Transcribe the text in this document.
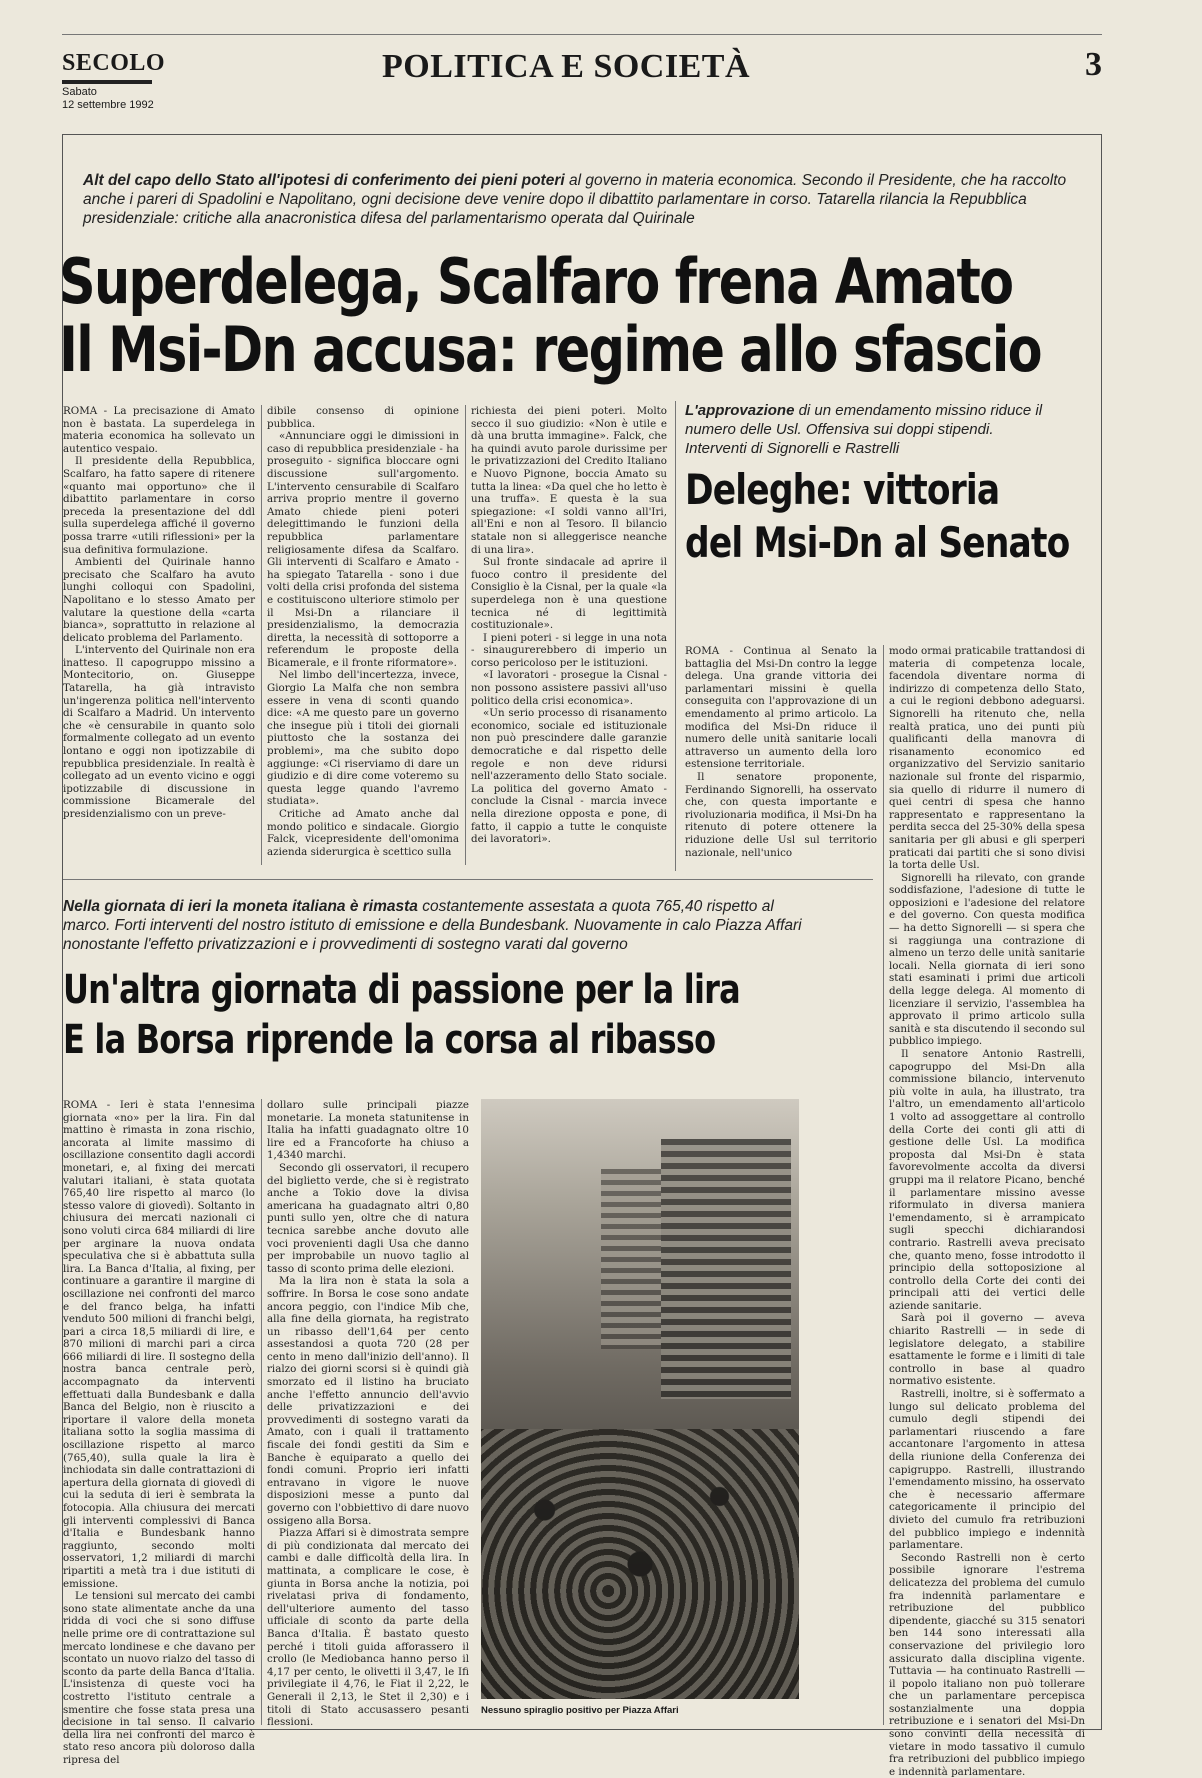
SECOLO
Sabato
12 settembre 1992
POLITICA E SOCIETÀ	3
Alt del capo dello Stato all'ipotesi di conferimento dei pieni poteri al governo in materia economica. Secondo il Presidente, che ha raccolto anche i pareri di Spadolini e Napolitano, ogni decisione deve venire dopo il dibattito parlamentare in corso. Tatarella rilancia la Repubblica presidenziale: critiche alla anacronistica difesa del parlamentarismo operata dal Quirinale
Superdelega, Scalfaro frena Amato
Il Msi-Dn accusa: regime allo sfascio

ROMA - La precisazione di Amato non è bastata. La superdelega in materia economica ha sollevato un autentico vespaio.

Il presidente della Repubblica, Scalfaro, ha fatto sapere di ritenere «quanto mai opportuno» che il dibattito parlamentare in corso preceda la presentazione del ddl sulla superdelega affiché il governo possa trarre «utili riflessioni» per la sua definitiva formulazione.

Ambienti del Quirinale hanno precisato che Scalfaro ha avuto lunghi colloqui con Spadolini, Napolitano e lo stesso Amato per valutare la questione della «carta bianca», soprattutto in relazione al delicato problema del Parlamento.

L'intervento del Quirinale non era inatteso. Il capogruppo missino a Montecitorio, on. Giuseppe Tatarella, ha già intravisto un'ingerenza politica nell'intervento di Scalfaro a Madrid. Un intervento che «è censurabile in quanto solo formalmente collegato ad un evento lontano e oggi non ipotizzabile di repubblica presidenziale. In realtà è collegato ad un evento vicino e oggi ipotizzabile di discussione in commissione Bicamerale del presidenzialismo con un preve-

dibile consenso di opinione pubblica.

«Annunciare oggi le dimissioni in caso di repubblica presidenziale - ha proseguito - significa bloccare ogni discussione sull'argomento. L'intervento censurabile di Scalfaro arriva proprio mentre il governo Amato chiede pieni poteri delegittimando le funzioni della repubblica parlamentare religiosamente difesa da Scalfaro. Gli interventi di Scalfaro e Amato - ha spiegato Tatarella - sono i due volti della crisi profonda del sistema e costituiscono ulteriore stimolo per il Msi-Dn a rilanciare il presidenzialismo, la democrazia diretta, la necessità di sottoporre a referendum le proposte della Bicamerale, e il fronte riformatore».

Nel limbo dell'incertezza, invece, Giorgio La Malfa che non sembra essere in vena di sconti quando dice: «A me questo pare un governo che insegue più i titoli dei giornali piuttosto che la sostanza dei problemi», ma che subito dopo aggiunge: «Ci riserviamo di dare un giudizio e di dire come voteremo su questa legge quando l'avremo studiata».

Critiche ad Amato anche dal mondo politico e sindacale. Giorgio Falck, vicepresidente dell'omonima azienda siderurgica è scettico sulla

richiesta dei pieni poteri. Molto secco il suo giudizio: «Non è utile e dà una brutta immagine». Falck, che ha quindi avuto parole durissime per le privatizzazioni del Credito Italiano e Nuovo Pignone, boccia Amato su tutta la linea: «Da quel che ho letto è una truffa». E questa è la sua spiegazione: «I soldi vanno all'Iri, all'Eni e non al Tesoro. Il bilancio statale non si alleggerisce neanche di una lira».

Sul fronte sindacale ad aprire il fuoco contro il presidente del Consiglio è la Cisnal, per la quale «la superdelega non è una questione tecnica né di legittimità costituzionale».

I pieni poteri - si legge in una nota - sinaugurerebbero di imperio un corso pericoloso per le istituzioni.

«I lavoratori - prosegue la Cisnal - non possono assistere passivi all'uso politico della crisi economica».

«Un serio processo di risanamento economico, sociale ed istituzionale non può prescindere dalle garanzie democratiche e dal rispetto delle regole e non deve ridursi nell'azzeramento dello Stato sociale. La politica del governo Amato - conclude la Cisnal - marcia invece nella direzione opposta e pone, di fatto, il cappio a tutte le conquiste dei lavoratori».

L'approvazione di un emendamento missino riduce il numero delle Usl. Offensiva sui doppi stipendi. Interventi di Signorelli e Rastrelli
Deleghe: vittoria
del Msi-Dn al Senato

ROMA - Continua al Senato la battaglia del Msi-Dn contro la legge delega. Una grande vittoria dei parlamentari missini è quella conseguita con l'approvazione di un emendamento al primo articolo. La modifica del Msi-Dn riduce il numero delle unità sanitarie locali attraverso un aumento della loro estensione territoriale.

Il senatore proponente, Ferdinando Signorelli, ha osservato che, con questa importante e rivoluzionaria modifica, il Msi-Dn ha ritenuto di potere ottenere la riduzione delle Usl sul territorio nazionale, nell'unico

modo ormai praticabile trattandosi di materia di competenza locale, facendola diventare norma di indirizzo di competenza dello Stato, a cui le regioni debbono adeguarsi. Signorelli ha ritenuto che, nella realtà pratica, uno dei punti più qualificanti della manovra di risanamento economico ed organizzativo del Servizio sanitario nazionale sul fronte del risparmio, sia quello di ridurre il numero di quei centri di spesa che hanno rappresentato e rappresentano la perdita secca del 25-30% della spesa sanitaria per gli abusi e gli sperperi praticati dai partiti che si sono divisi la torta delle Usl.

Signorelli ha rilevato, con grande soddisfazione, l'adesione di tutte le opposizioni e l'adesione del relatore e del governo. Con questa modifica — ha detto Signorelli — si spera che si raggiunga una contrazione di almeno un terzo delle unità sanitarie locali. Nella giornata di ieri sono stati esaminati i primi due articoli della legge delega. Al momento di licenziare il servizio, l'assemblea ha approvato il primo articolo sulla sanità e sta discutendo il secondo sul pubblico impiego.

Il senatore Antonio Rastrelli, capogruppo del Msi-Dn alla commissione bilancio, intervenuto più volte in aula, ha illustrato, tra l'altro, un emendamento all'articolo 1 volto ad assoggettare al controllo della Corte dei conti gli atti di gestione delle Usl. La modifica proposta dal Msi-Dn è stata favorevolmente accolta da diversi gruppi ma il relatore Picano, benché il parlamentare missino avesse riformulato in diversa maniera l'emendamento, si è arrampicato sugli specchi dichiarandosi contrario. Rastrelli aveva precisato che, quanto meno, fosse introdotto il principio della sottoposizione al controllo della Corte dei conti dei principali atti dei vertici delle aziende sanitarie.

Sarà poi il governo — aveva chiarito Rastrelli — in sede di legislatore delegato, a stabilire esattamente le forme e i limiti di tale controllo in base al quadro normativo esistente.

Rastrelli, inoltre, si è soffermato a lungo sul delicato problema del cumulo degli stipendi dei parlamentari riuscendo a fare accantonare l'argomento in attesa della riunione della Conferenza dei capigruppo. Rastrelli, illustrando l'emendamento missino, ha osservato che è necessario affermare categoricamente il principio del divieto del cumulo fra retribuzioni del pubblico impiego e indennità parlamentare.

Secondo Rastrelli non è certo possibile ignorare l'estrema delicatezza del problema del cumulo fra indennità parlamentare e retribuzione del pubblico dipendente, giacché su 315 senatori ben 144 sono interessati alla conservazione del privilegio loro assicurato dalla disciplina vigente. Tuttavia — ha continuato Rastrelli — il popolo italiano non può tollerare che un parlamentare percepisca sostanzialmente una doppia retribuzione e i senatori del Msi-Dn sono convinti della necessità di vietare in modo tassativo il cumulo fra retribuzioni del pubblico impiego e indennità parlamentare.

Nella giornata di ieri la moneta italiana è rimasta costantemente assestata a quota 765,40 rispetto al marco. Forti interventi del nostro istituto di emissione e della Bundesbank. Nuovamente in calo Piazza Affari nonostante l'effetto privatizzazioni e i provvedimenti di sostegno varati dal governo
Un'altra giornata di passione per la lira
E la Borsa riprende la corsa al ribasso

ROMA - Ieri è stata l'ennesima giornata «no» per la lira. Fin dal mattino è rimasta in zona rischio, ancorata al limite massimo di oscillazione consentito dagli accordi monetari, e, al fixing dei mercati valutari italiani, è stata quotata 765,40 lire rispetto al marco (lo stesso valore di giovedì). Soltanto in chiusura dei mercati nazionali ci sono voluti circa 684 miliardi di lire per arginare la nuova ondata speculativa che si è abbattuta sulla lira. La Banca d'Italia, al fixing, per continuare a garantire il margine di oscillazione nei confronti del marco e del franco belga, ha infatti venduto 500 milioni di franchi belgi, pari a circa 18,5 miliardi di lire, e 870 milioni di marchi pari a circa 666 miliardi di lire. Il sostegno della nostra banca centrale però, accompagnato da interventi effettuati dalla Bundesbank e dalla Banca del Belgio, non è riuscito a riportare il valore della moneta italiana sotto la soglia massima di oscillazione rispetto al marco (765,40), sulla quale la lira è inchiodata sin dalle contrattazioni di apertura della giornata di giovedì di cui la seduta di ieri è sembrata la fotocopia. Alla chiusura dei mercati gli interventi complessivi di Banca d'Italia e Bundesbank hanno raggiunto, secondo molti osservatori, 1,2 miliardi di marchi ripartiti a metà tra i due istituti di emissione.

Le tensioni sul mercato dei cambi sono state alimentate anche da una ridda di voci che si sono diffuse nelle prime ore di contrattazione sul mercato londinese e che davano per scontato un nuovo rialzo del tasso di sconto da parte della Banca d'Italia. L'insistenza di queste voci ha costretto l'istituto centrale a smentire che fosse stata presa una decisione in tal senso. Il calvario della lira nei confronti del marco è stato reso ancora più doloroso dalla ripresa del

dollaro sulle principali piazze monetarie. La moneta statunitense in Italia ha infatti guadagnato oltre 10 lire ed a Francoforte ha chiuso a 1,4340 marchi.

Secondo gli osservatori, il recupero del biglietto verde, che si è registrato anche a Tokio dove la divisa americana ha guadagnato altri 0,80 punti sullo yen, oltre che di natura tecnica sarebbe anche dovuto alle voci provenienti dagli Usa che danno per improbabile un nuovo taglio al tasso di sconto prima delle elezioni.

Ma la lira non è stata la sola a soffrire. In Borsa le cose sono andate ancora peggio, con l'indice Mib che, alla fine della giornata, ha registrato un ribasso dell'1,64 per cento assestandosi a quota 720 (28 per cento in meno dall'inizio dell'anno). Il rialzo dei giorni scorsi si è quindi già smorzato ed il listino ha bruciato anche l'effetto annuncio dell'avvio delle privatizzazioni e dei provvedimenti di sostegno varati da Amato, con i quali il trattamento fiscale dei fondi gestiti da Sim e Banche è equiparato a quello dei fondi comuni. Proprio ieri infatti entravano in vigore le nuove disposizioni messe a punto dal governo con l'obbiettivo di dare nuovo ossigeno alla Borsa.

Piazza Affari si è dimostrata sempre di più condizionata dal mercato dei cambi e dalle difficoltà della lira. In mattinata, a complicare le cose, è giunta in Borsa anche la notizia, poi rivelatasi priva di fondamento, dell'ulteriore aumento del tasso ufficiale di sconto da parte della Banca d'Italia. È bastato questo perché i titoli guida afforassero il crollo (le Mediobanca hanno perso il 4,17 per cento, le olivetti il 3,47, le Ifi privilegiate il 4,76, le Fiat il 2,22, le Generali il 2,13, le Stet il 2,30) e i titoli di Stato accusassero pesanti flessioni.

Nessuno spiraglio positivo per Piazza Affari
